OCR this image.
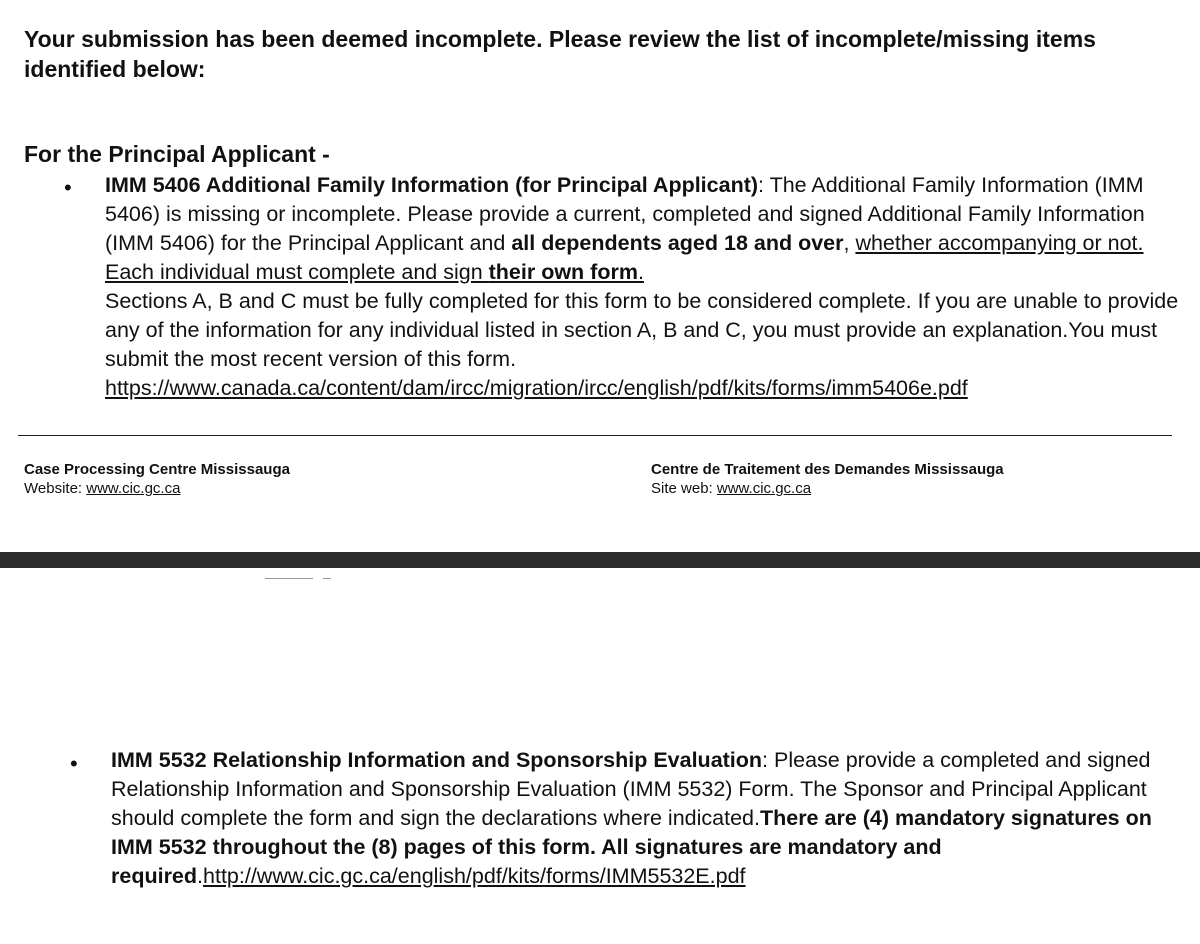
Your submission has been deemed incomplete. Please review the list of incomplete/missing items identified below:
For the Principal Applicant -
• IMM 5406 Additional Family Information (for Principal Applicant): The Additional Family Information (IMM 5406) is missing or incomplete. Please provide a current, completed and signed Additional Family Information (IMM 5406) for the Principal Applicant and all dependents aged 18 and over, whether accompanying or not. Each individual must complete and sign their own form.
Sections A, B and C must be fully completed for this form to be considered complete. If you are unable to provide any of the information for any individual listed in section A, B and C, you must provide an explanation.You must submit the most recent version of this form.
https://www.canada.ca/content/dam/ircc/migration/ircc/english/pdf/kits/forms/imm5406e.pdf
Case Processing Centre Mississauga
Website: www.cic.gc.ca
Centre de Traitement des Demandes Mississauga
Site web: www.cic.gc.ca
• IMM 5532 Relationship Information and Sponsorship Evaluation: Please provide a completed and signed Relationship Information and Sponsorship Evaluation (IMM 5532) Form. The Sponsor and Principal Applicant should complete the form and sign the declarations where indicated.There are (4) mandatory signatures on IMM 5532 throughout the (8) pages of this form. All signatures are mandatory and required.http://www.cic.gc.ca/english/pdf/kits/forms/IMM5532E.pdf
